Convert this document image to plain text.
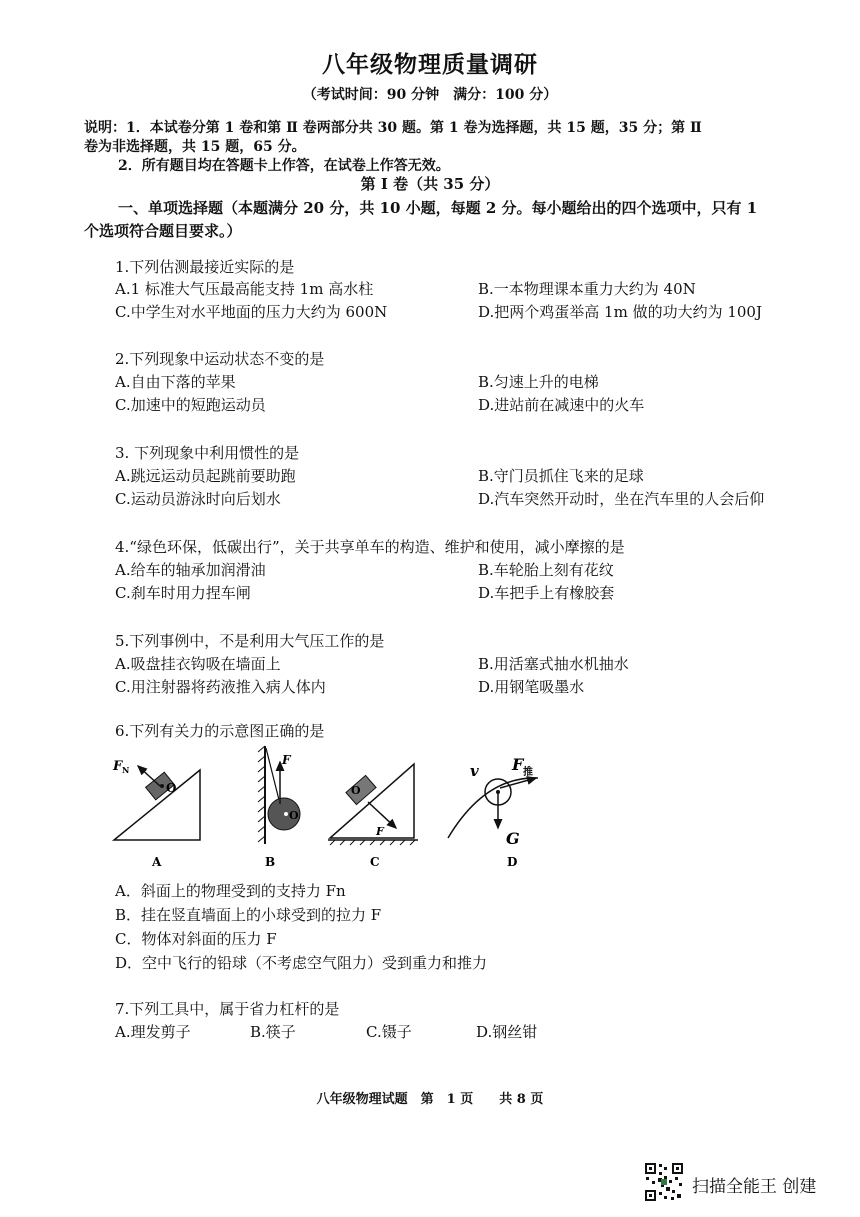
八年级物理质量调研
（考试时间：90 分钟　满分：100 分）
说明：1．本试卷分第 1 卷和第 Ⅱ 卷两部分共 30 题。第 1 卷为选择题，共 15 题，35 分；第 Ⅱ
卷为非选择题，共 15 题，65 分。
2．所有题目均在答题卡上作答，在试卷上作答无效。
第 Ⅰ 卷（共 35 分）
一、单项选择题（本题满分 20 分，共 10 小题，每题 2 分。每小题给出的四个选项中，只有 1
个选项符合题目要求。）
1.下列估测最接近实际的是
A.1 标准大气压最高能支持 1m 高水柱	B.一本物理课本重力大约为 40N
C.中学生对水平地面的压力大约为 600N	D.把两个鸡蛋举高 1m 做的功大约为 100J
2.下列现象中运动状态不变的是
A.自由下落的苹果	B.匀速上升的电梯
C.加速中的短跑运动员	D.进站前在减速中的火车
3. 下列现象中利用惯性的是
A.跳远运动员起跳前要助跑	B.守门员抓住飞来的足球
C.运动员游泳时向后划水	D.汽车突然开动时，坐在汽车里的人会后仰
4.“绿色环保，低碳出行”，关于共享单车的构造、维护和使用，减小摩擦的是
A.给车的轴承加润滑油	B.车轮胎上刻有花纹
C.刹车时用力捏车闸	D.车把手上有橡胶套
5.下列事例中，不是利用大气压工作的是
A.吸盘挂衣钩吸在墙面上	B.用活塞式抽水机抽水
C.用注射器将药液推入病人体内	D.用钢笔吸墨水
6.下列有关力的示意图正确的是
F N
O
F
O
F
O
v F 推
G
A	B	C	D
A．斜面上的物理受到的支持力 Fn
B．挂在竖直墙面上的小球受到的拉力 F
C．物体对斜面的压力 F
D．空中飞行的铅球（不考虑空气阻力）受到重力和推力
7.下列工具中，属于省力杠杆的是
A.理发剪子	B.筷子	C.镊子	D.钢丝钳
八年级物理试题　第　1 页　　共 8 页
扫描全能王 创建
